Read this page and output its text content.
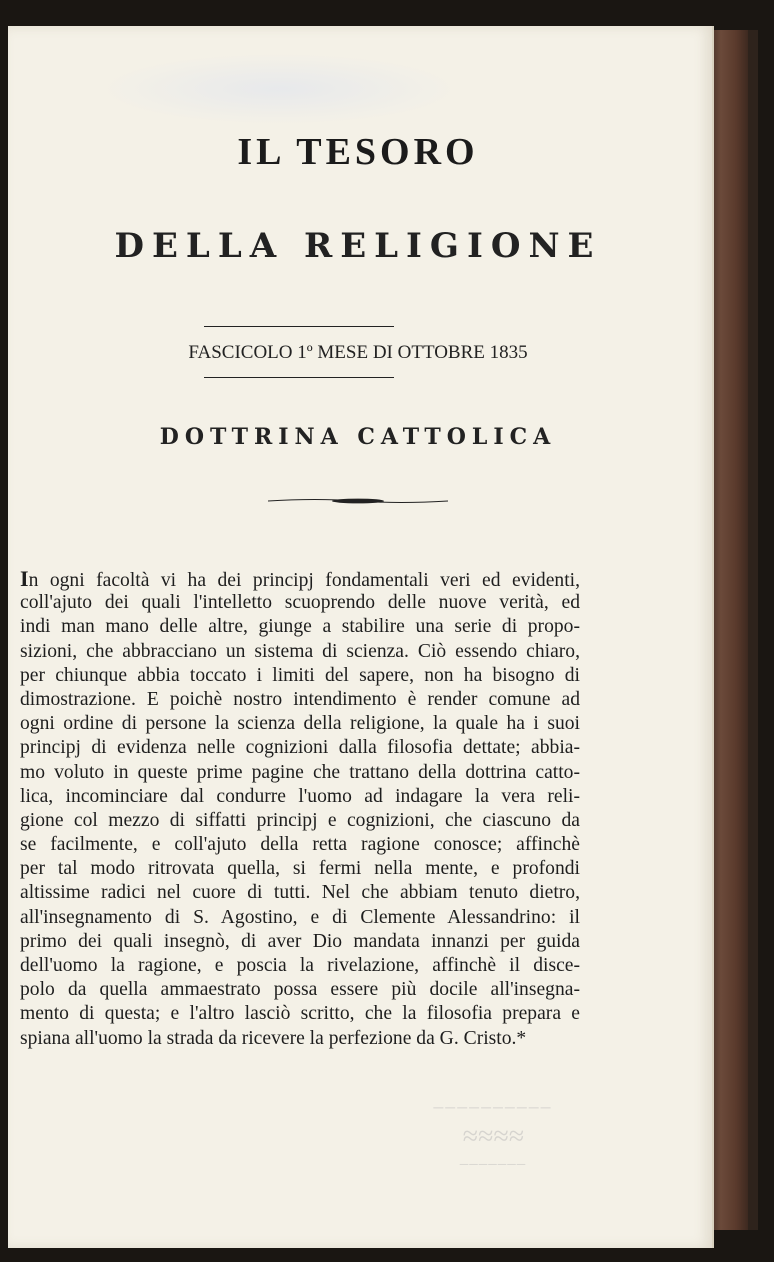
IL TESORO
DELLA RELIGIONE
FASCICOLO 1º MESE DI OTTOBRE 1835
DOTTRINA CATTOLICA
In ogni facoltà vi ha dei principj fondamentali veri ed evidenti,
coll'ajuto dei quali l'intelletto scuoprendo delle nuove verità, ed
indi man mano delle altre, giunge a stabilire una serie di propo-
sizioni, che abbracciano un sistema di scienza. Ciò essendo chiaro,
per chiunque abbia toccato i limiti del sapere, non ha bisogno di
dimostrazione. E poichè nostro intendimento è render comune ad
ogni ordine di persone la scienza della religione, la quale ha i suoi
principj di evidenza nelle cognizioni dalla filosofia dettate; abbia-
mo voluto in queste prime pagine che trattano della dottrina catto-
lica, incominciare dal condurre l'uomo ad indagare la vera reli-
gione col mezzo di siffatti principj e cognizioni, che ciascuno da
se facilmente, e coll'ajuto della retta ragione conosce; affinchè
per tal modo ritrovata quella, si fermi nella mente, e profondi
altissime radici nel cuore di tutti. Nel che abbiam tenuto dietro,
all'insegnamento di S. Agostino, e di Clemente Alessandrino: il
primo dei quali insegnò, di aver Dio mandata innanzi per guida
dell'uomo la ragione, e poscia la rivelazione, affinchè il disce-
polo da quella ammaestrato possa essere più docile all'insegna-
mento di questa; e l'altro lasciò scritto, che la filosofia prepara e
spiana all'uomo la strada da ricevere la perfezione da G. Cristo.*
──────────
≈≈≈≈
───────
